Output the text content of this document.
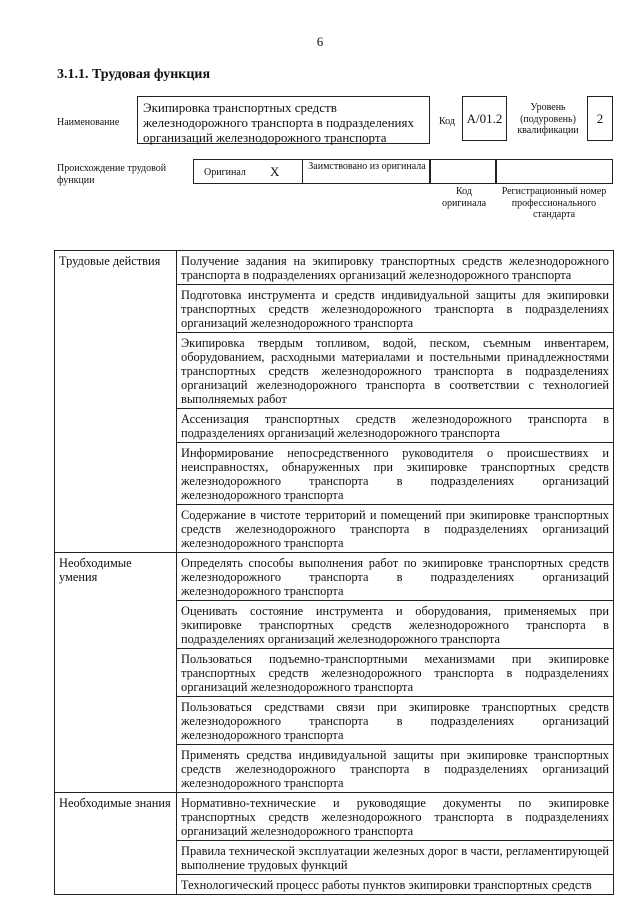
6
3.1.1. Трудовая функция
Наименование
Экипировка транспортных средств железнодорожного транспорта в подразделениях организаций железнодорожного транспорта
Код А/01.2
Уровень (подуровень) квалификации
2
Происхождение трудовой функции
Оригинал X	Заимствовано из оригинала
Код оригинала
Регистрационный номер профессионального стандарта
Трудовые действия	Получение задания на экипировку транспортных средств железнодорожного транспорта в подразделениях организаций железнодорожного транспорта
	Подготовка инструмента и средств индивидуальной защиты для экипировки транспортных средств железнодорожного транспорта в подразделениях организаций железнодорожного транспорта
	Экипировка твердым топливом, водой, песком, съемным инвентарем, оборудованием, расходными материалами и постельными принадлежностями транспортных средств железнодорожного транспорта в подразделениях организаций железнодорожного транспорта в соответствии с технологией выполняемых работ
	Ассенизация транспортных средств железнодорожного транспорта в подразделениях организаций железнодорожного транспорта
	Информирование непосредственного руководителя о происшествиях и неисправностях, обнаруженных при экипировке транспортных средств железнодорожного транспорта в подразделениях организаций железнодорожного транспорта
	Содержание в чистоте территорий и помещений при экипировке транспортных средств железнодорожного транспорта в подразделениях организаций железнодорожного транспорта
Необходимые умения	Определять способы выполнения работ по экипировке транспортных средств железнодорожного транспорта в подразделениях организаций железнодорожного транспорта
	Оценивать состояние инструмента и оборудования, применяемых при экипировке транспортных средств железнодорожного транспорта в подразделениях организаций железнодорожного транспорта
	Пользоваться подъемно-транспортными механизмами при экипировке транспортных средств железнодорожного транспорта в подразделениях организаций железнодорожного транспорта
	Пользоваться средствами связи при экипировке транспортных средств железнодорожного транспорта в подразделениях организаций железнодорожного транспорта
	Применять средства индивидуальной защиты при экипировке транспортных средств железнодорожного транспорта в подразделениях организаций железнодорожного транспорта
Необходимые знания	Нормативно-технические и руководящие документы по экипировке транспортных средств железнодорожного транспорта в подразделениях организаций железнодорожного транспорта
	Правила технической эксплуатации железных дорог в части, регламентирующей выполнение трудовых функций
	Технологический процесс работы пунктов экипировки транспортных средств
